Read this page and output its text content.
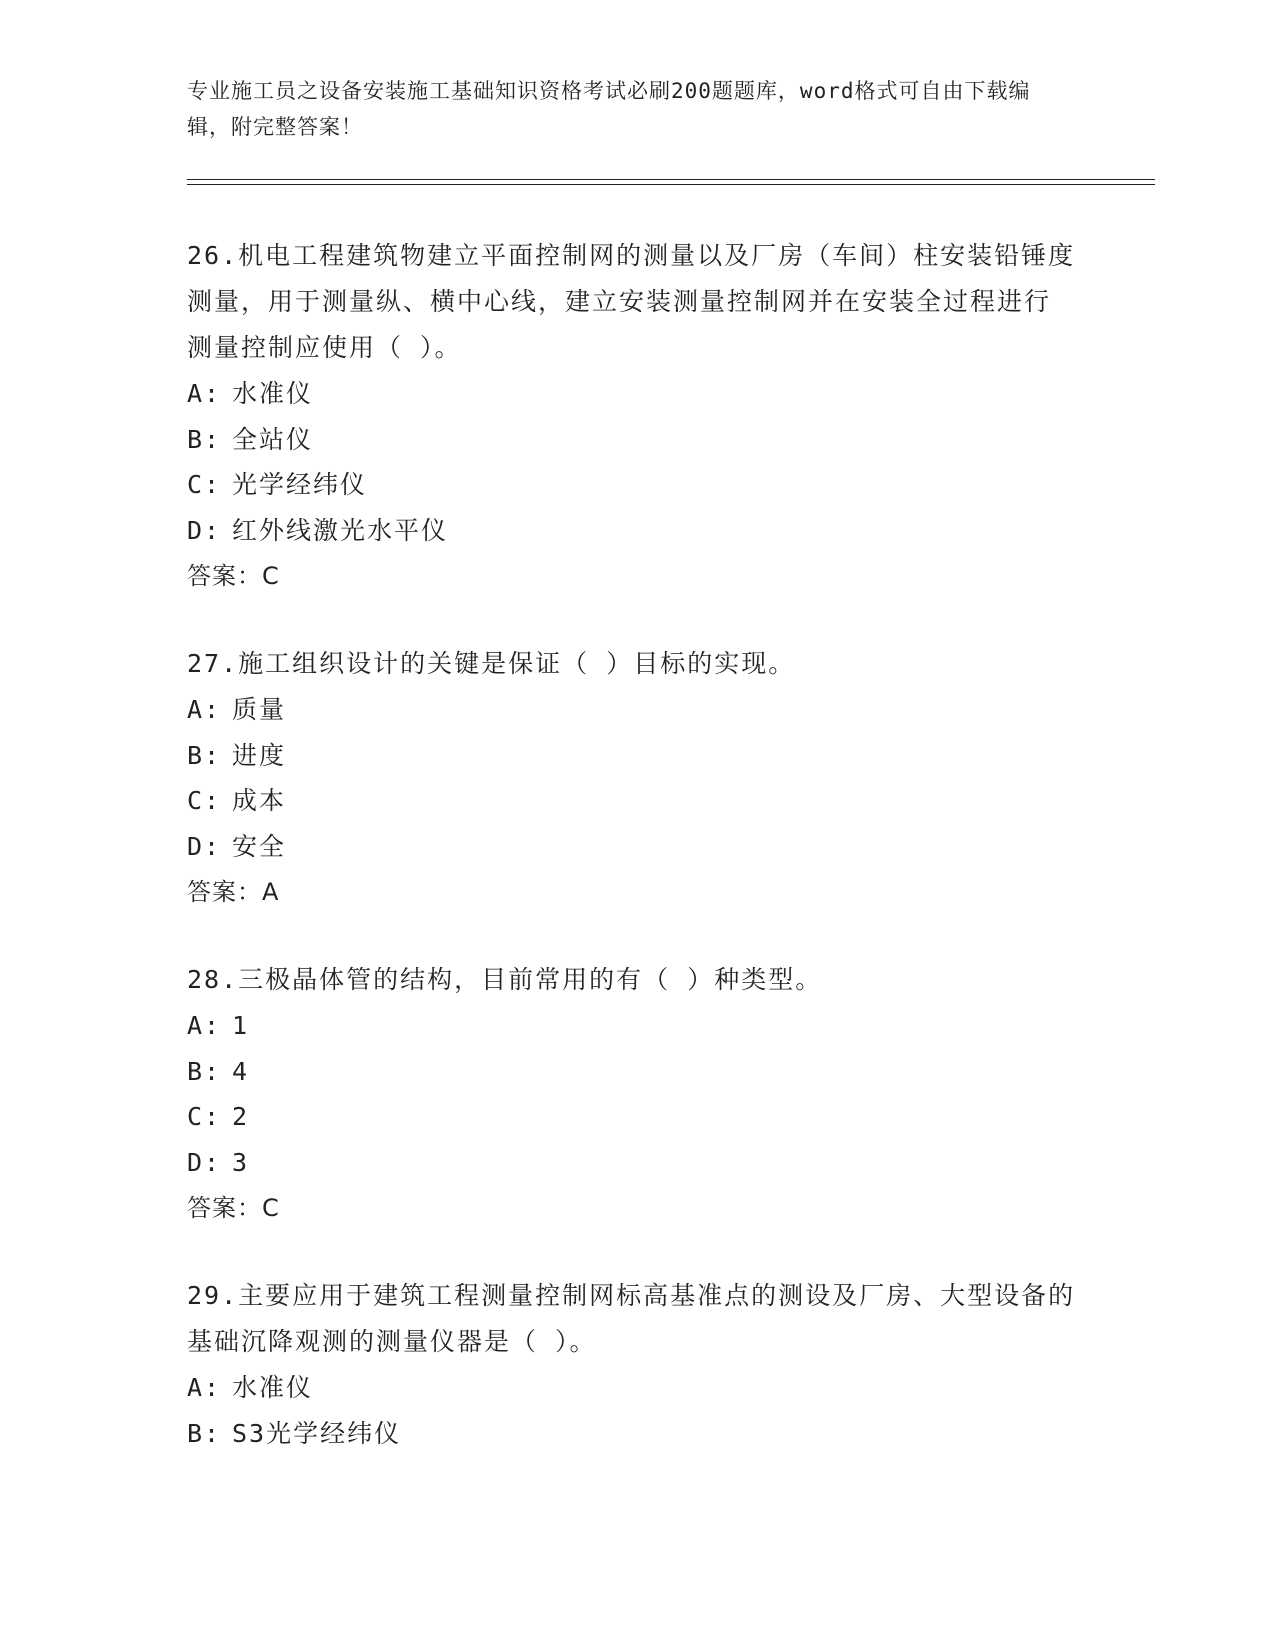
专业施工员之设备安装施工基础知识资格考试必刷200题题库，word格式可自由下载编辑，附完整答案！
26.机电工程建筑物建立平面控制网的测量以及厂房（车间）柱安装铅锤度测量，用于测量纵、横中心线，建立安装测量控制网并在安装全过程进行测量控制应使用（ ）。
A: 水准仪
B: 全站仪
C: 光学经纬仪
D: 红外线激光水平仪
答案：C
27.施工组织设计的关键是保证（ ）目标的实现。
A: 质量
B: 进度
C: 成本
D: 安全
答案：A
28.三极晶体管的结构，目前常用的有（ ）种类型。
A: 1
B: 4
C: 2
D: 3
答案：C
29.主要应用于建筑工程测量控制网标高基准点的测设及厂房、大型设备的基础沉降观测的测量仪器是（ ）。
A: 水准仪
B: S3光学经纬仪
